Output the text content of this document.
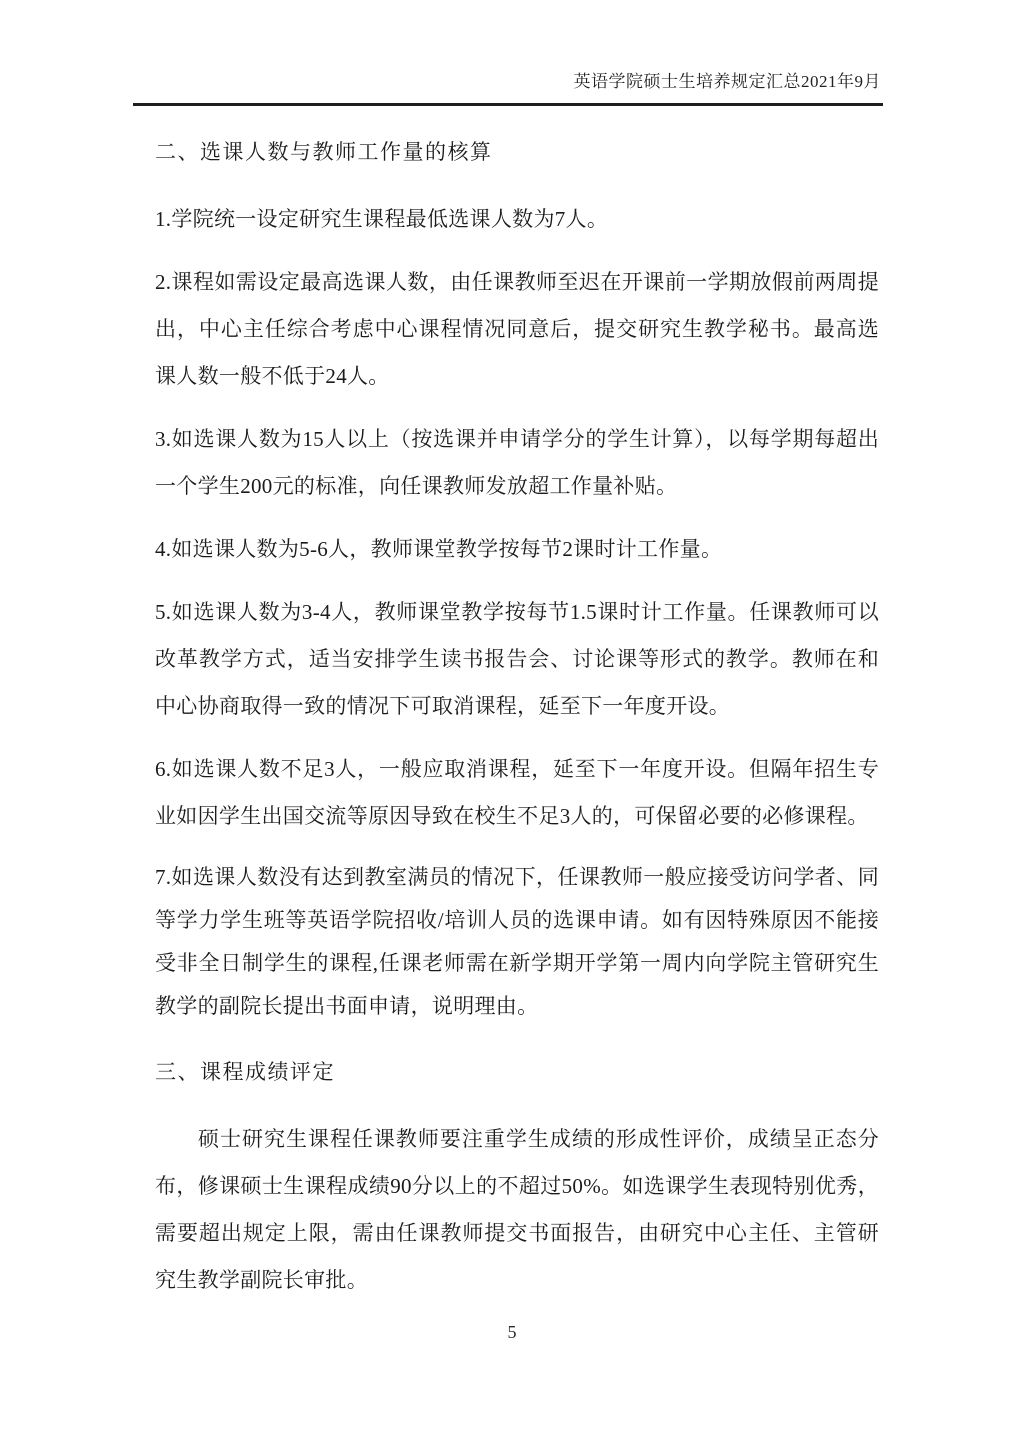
英语学院硕士生培养规定汇总2021年9月
二、选课人数与教师工作量的核算

1.学院统一设定研究生课程最低选课人数为7人。

2.课程如需设定最高选课人数，由任课教师至迟在开课前一学期放假前两周提出，中心主任综合考虑中心课程情况同意后，提交研究生教学秘书。最高选课人数一般不低于24人。

3.如选课人数为15人以上（按选课并申请学分的学生计算），以每学期每超出一个学生200元的标准，向任课教师发放超工作量补贴。

4.如选课人数为5-6人，教师课堂教学按每节2课时计工作量。

5.如选课人数为3-4人，教师课堂教学按每节1.5课时计工作量。任课教师可以改革教学方式，适当安排学生读书报告会、讨论课等形式的教学。教师在和中心协商取得一致的情况下可取消课程，延至下一年度开设。

6.如选课人数不足3人，一般应取消课程，延至下一年度开设。但隔年招生专业如因学生出国交流等原因导致在校生不足3人的，可保留必要的必修课程。

7.如选课人数没有达到教室满员的情况下，任课教师一般应接受访问学者、同等学力学生班等英语学院招收/培训人员的选课申请。如有因特殊原因不能接受非全日制学生的课程,任课老师需在新学期开学第一周内向学院主管研究生教学的副院长提出书面申请，说明理由。

三、课程成绩评定

硕士研究生课程任课教师要注重学生成绩的形成性评价，成绩呈正态分布，修课硕士生课程成绩90分以上的不超过50%。如选课学生表现特别优秀，需要超出规定上限，需由任课教师提交书面报告，由研究中心主任、主管研究生教学副院长审批。

5
